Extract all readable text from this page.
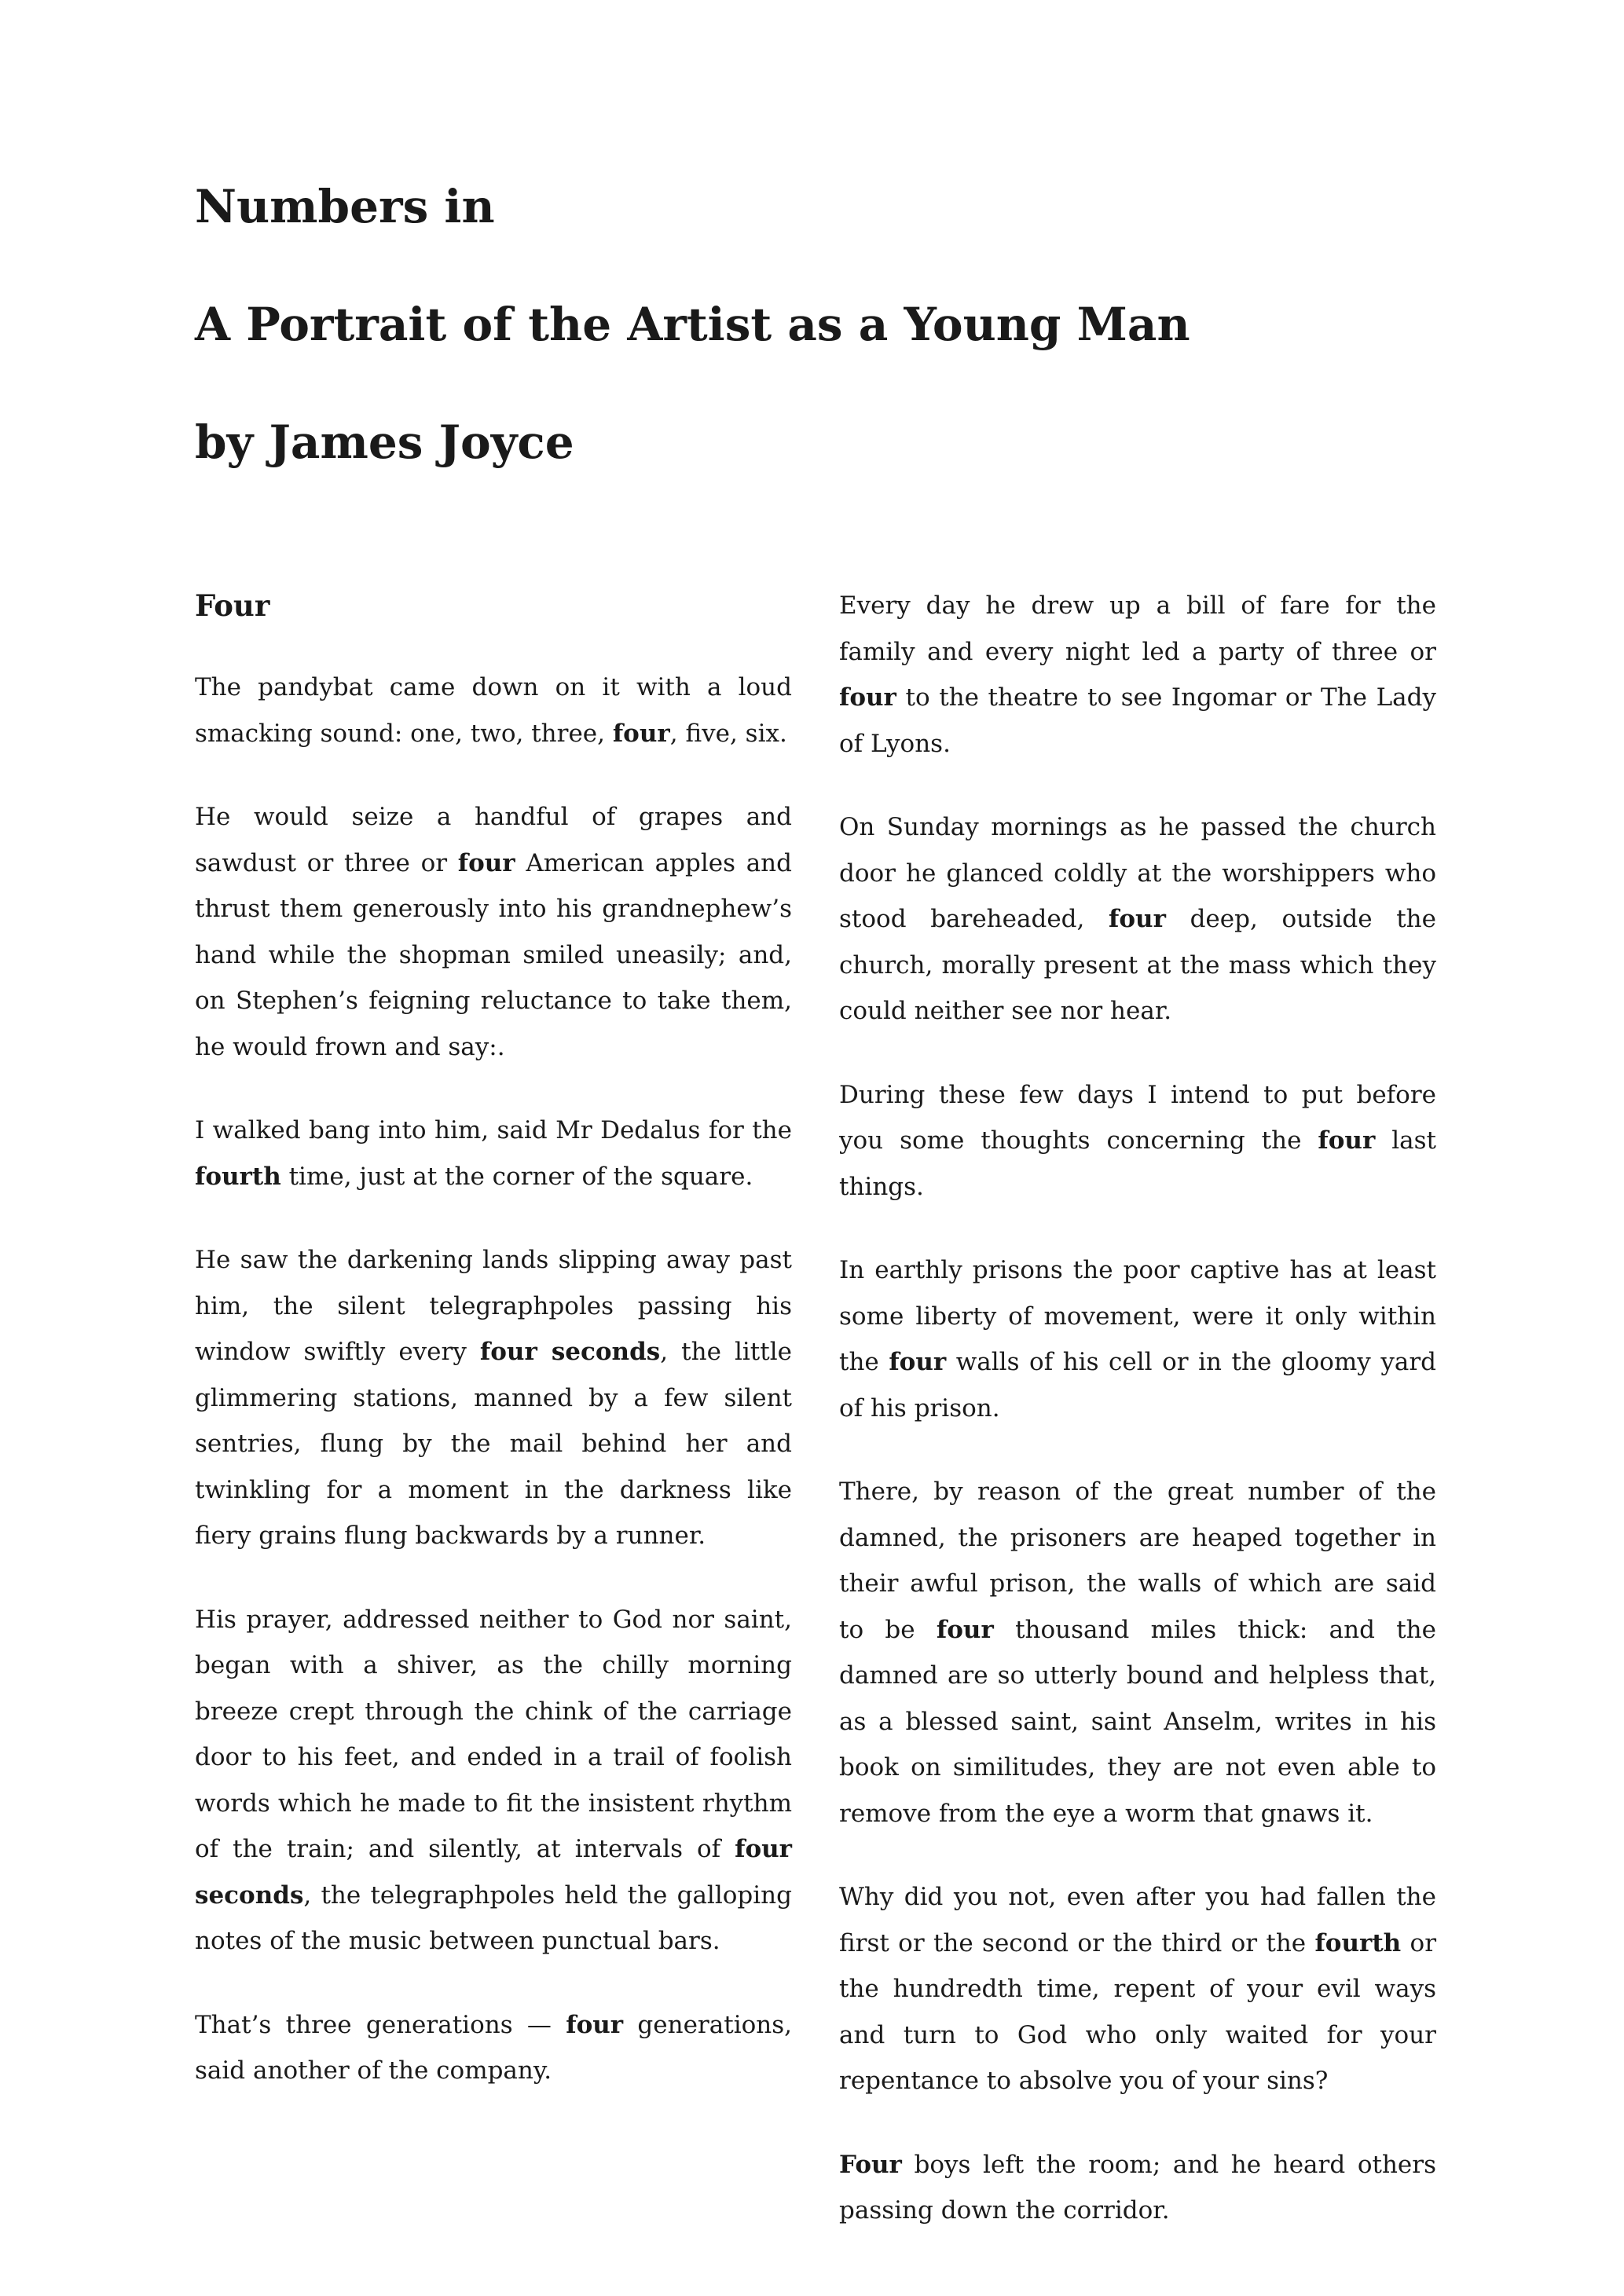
Numbers in
A Portrait of the Artist as a Young Man
by James Joyce
Four

The pandybat came down on it with a loud smacking sound: one, two, three, four, five, six.

He would seize a handful of grapes and sawdust or three or four American apples and thrust them generously into his grandnephew’s hand while the shopman smiled uneasily; and, on Stephen’s feigning reluctance to take them, he would frown and say:.

I walked bang into him, said Mr Dedalus for the fourth time, just at the corner of the square.

He saw the darkening lands slipping away past him, the silent telegraphpoles passing his window swiftly every four seconds, the little glimmering stations, manned by a few silent sentries, flung by the mail behind her and twinkling for a moment in the darkness like fiery grains flung backwards by a runner.

His prayer, addressed neither to God nor saint, began with a shiver, as the chilly morning breeze crept through the chink of the carriage door to his feet, and ended in a trail of foolish words which he made to fit the insistent rhythm of the train; and silently, at intervals of four seconds, the telegraphpoles held the galloping notes of the music between punctual bars.

That’s three generations — four generations, said another of the company.

Every day he drew up a bill of fare for the family and every night led a party of three or four to the theatre to see Ingomar or The Lady of Lyons.

On Sunday mornings as he passed the church door he glanced coldly at the worshippers who stood bareheaded, four deep, outside the church, morally present at the mass which they could neither see nor hear.

During these few days I intend to put before you some thoughts concerning the four last things.

In earthly prisons the poor captive has at least some liberty of movement, were it only within the four walls of his cell or in the gloomy yard of his prison.

There, by reason of the great number of the damned, the prisoners are heaped together in their awful prison, the walls of which are said to be four thousand miles thick: and the damned are so utterly bound and helpless that, as a blessed saint, saint Anselm, writes in his book on similitudes, they are not even able to remove from the eye a worm that gnaws it.

Why did you not, even after you had fallen the first or the second or the third or the fourth or the hundredth time, repent of your evil ways and turn to God who only waited for your repentance to absolve you of your sins?

Four boys left the room; and he heard others passing down the corridor.
